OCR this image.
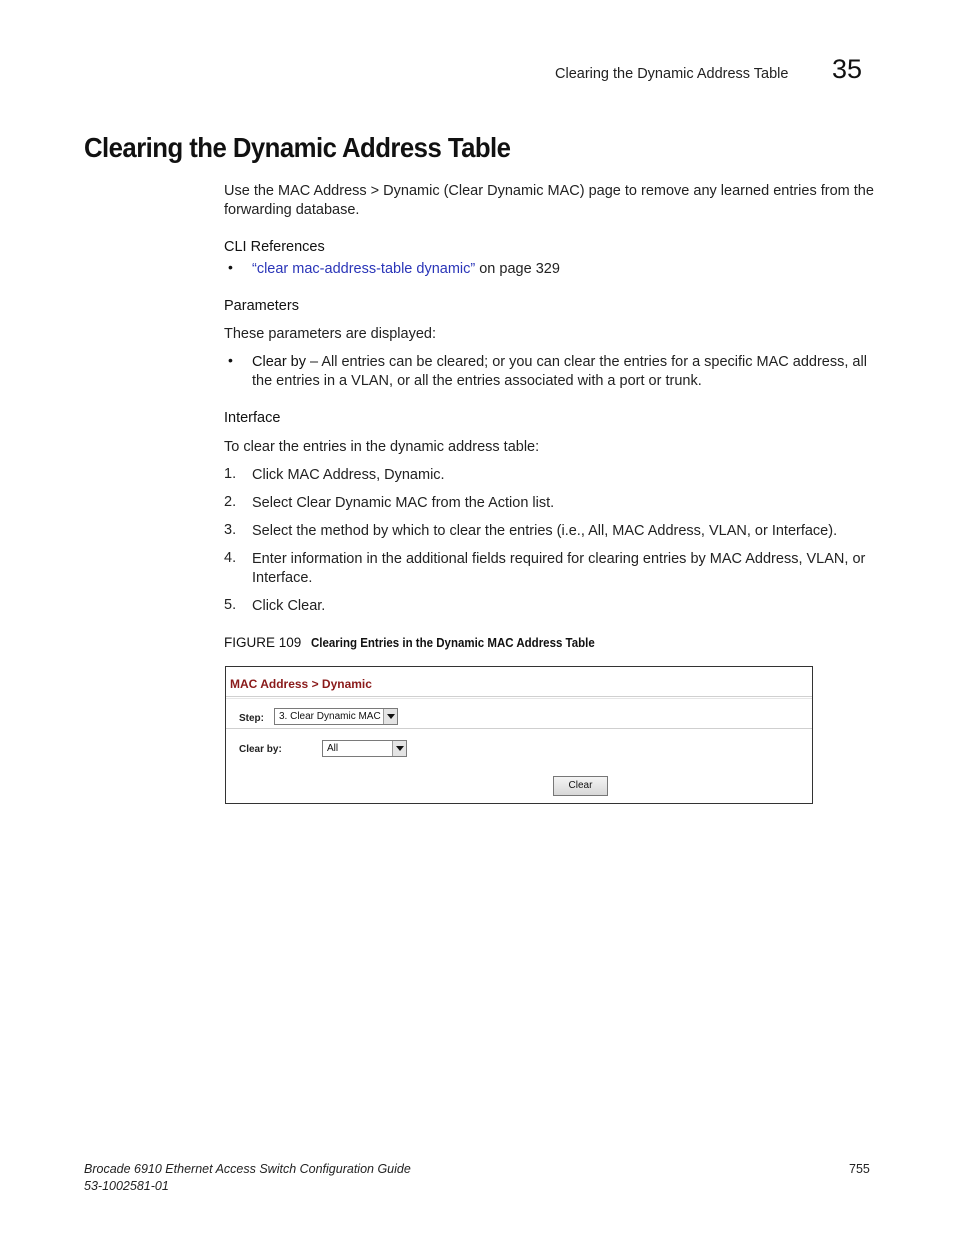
Clearing the Dynamic Address Table 35
Clearing the Dynamic Address Table
Use the MAC Address > Dynamic (Clear Dynamic MAC) page to remove any learned entries from the forwarding database.
CLI References
• “clear mac-address-table dynamic” on page 329
Parameters
These parameters are displayed:
• Clear by – All entries can be cleared; or you can clear the entries for a specific MAC address, all the entries in a VLAN, or all the entries associated with a port or trunk.
Interface
To clear the entries in the dynamic address table:
1. Click MAC Address, Dynamic.
2. Select Clear Dynamic MAC from the Action list.
3. Select the method by which to clear the entries (i.e., All, MAC Address, VLAN, or Interface).
4. Enter information in the additional fields required for clearing entries by MAC Address, VLAN, or Interface.
5. Click Clear.
FIGURE 109 Clearing Entries in the Dynamic MAC Address Table
MAC Address > Dynamic
Step:	3. Clear Dynamic MAC
Clear by:	All
Clear
Brocade 6910 Ethernet Access Switch Configuration Guide
53-1002581-01
755
